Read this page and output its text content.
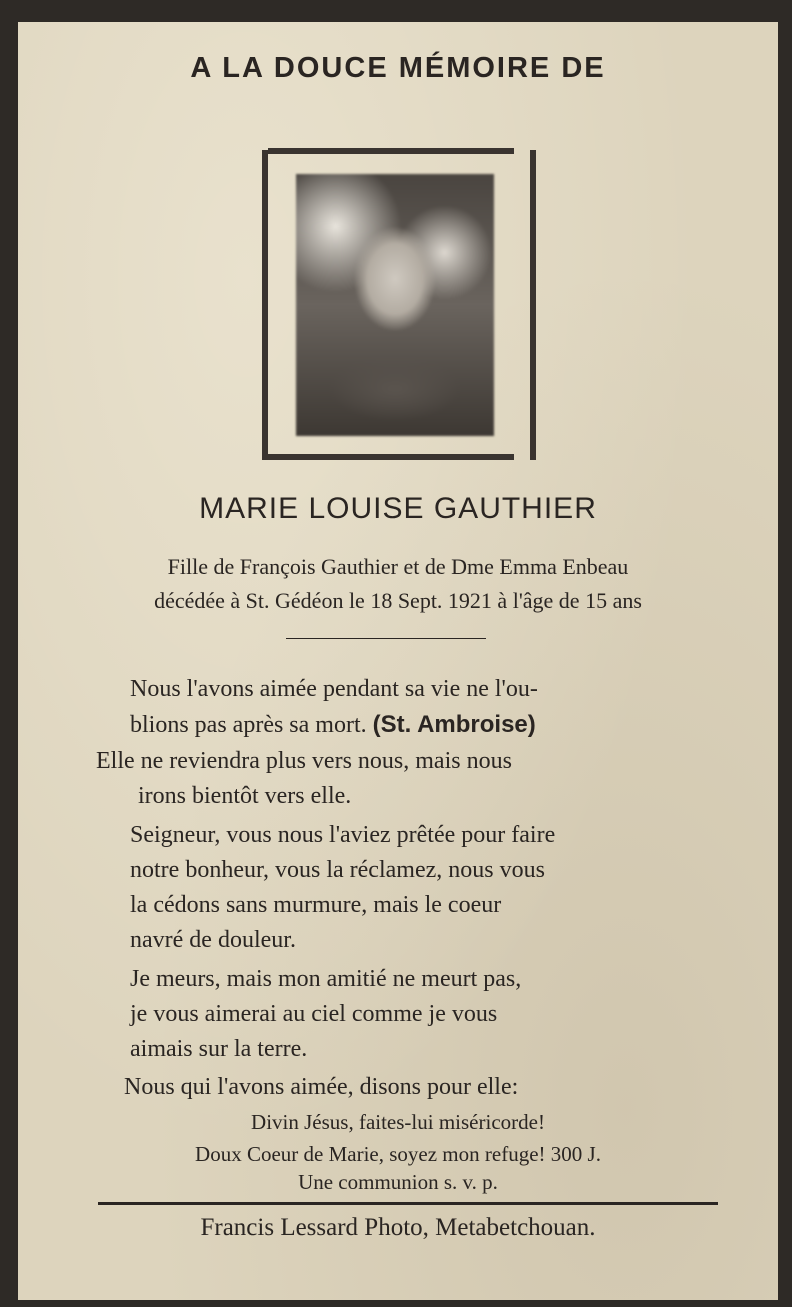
A LA DOUCE MÉMOIRE DE
MARIE LOUISE GAUTHIER
Fille de François Gauthier et de Dme Emma Enbeau
décédée à St. Gédéon le 18 Sept. 1921 à l'âge de 15 ans
Nous l'avons aimée pendant sa vie ne l'ou-
blions pas après sa mort. (St. Ambroise)
Elle ne reviendra plus vers nous, mais nous
irons bientôt vers elle.
Seigneur, vous nous l'aviez prêtée pour faire
notre bonheur, vous la réclamez, nous vous
la cédons sans murmure, mais le coeur
navré de douleur.
Je meurs, mais mon amitié ne meurt pas,
je vous aimerai au ciel comme je vous
aimais sur la terre.
Nous qui l'avons aimée, disons pour elle:
Divin Jésus, faites-lui miséricorde!
Doux Coeur de Marie, soyez mon refuge! 300 J.
Une communion s. v. p.
Francis Lessard Photo, Metabetchouan.
